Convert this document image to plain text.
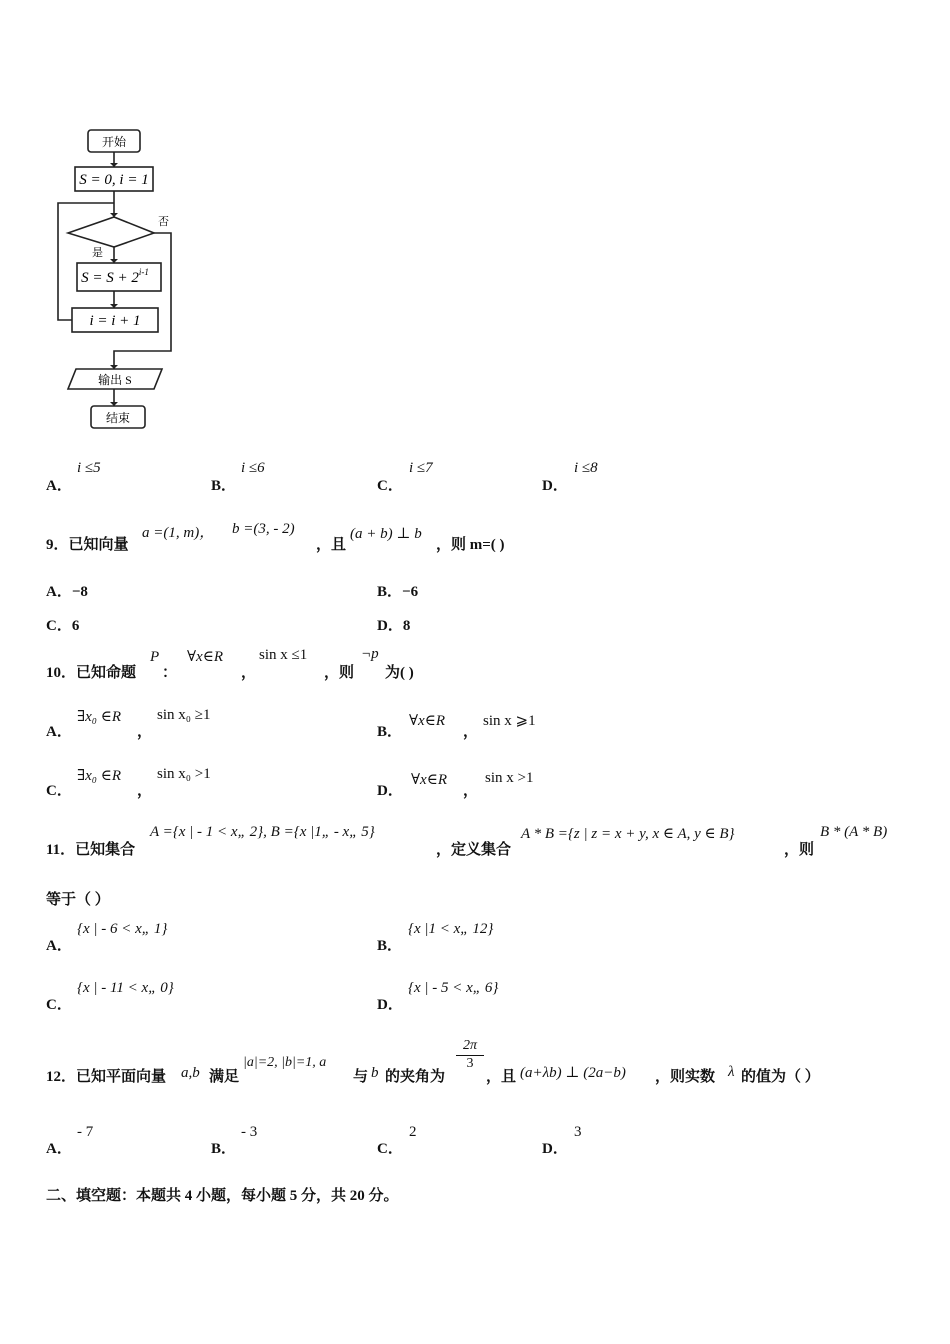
开始
S = 0, i = 1
否
是
$S = S + 2^{i-1}$
i = i + 1
输出 S
结束
A．
i ≤5
B．
i ≤6
C．
i ≤7
D．
i ≤8
9．已知向量
a =(1, m)， b =(3, - 2)
，且
(a + b) ⊥ b
，则 m=( )
A．−8	B．−6
C．6	D．8
10．已知命题
P
：
∀x∈R
，
sin x ≤1
，则
¬p
为( )
A．
∃x₀ ∈R
，
sin x₀ ≥1
B．
∀x∈R
，
sin x ⩾1
C．
∃x₀ ∈R
，
sin x₀ >1
D．
∀x∈R
，
sin x >1
11．已知集合
A ={x | - 1 < x„ 2}, B ={x |1„ - x„ 5}
，定义集合
A * B ={z | z = x + y, x ∈ A, y ∈ B}
，则
B * (A * B)
等于（ ）
A．
{x | - 6 < x„ 1}
B．
{x |1 < x„ 12}
C．
{x | - 11 < x„ 0}
D．
{x | - 5 < x„ 6}
12．已知平面向量 a,b 满足
|a|=2, |b|=1, a
与 b 的夹角为
$\frac{2\pi}{3}$
，且 (a+λb) ⊥ (2a−b) ，则实数 λ 的值为（ ）
A．
- 7
B．
- 3
C．
2
D．
3
二、填空题：本题共 4 小题，每小题 5 分，共 20 分。
